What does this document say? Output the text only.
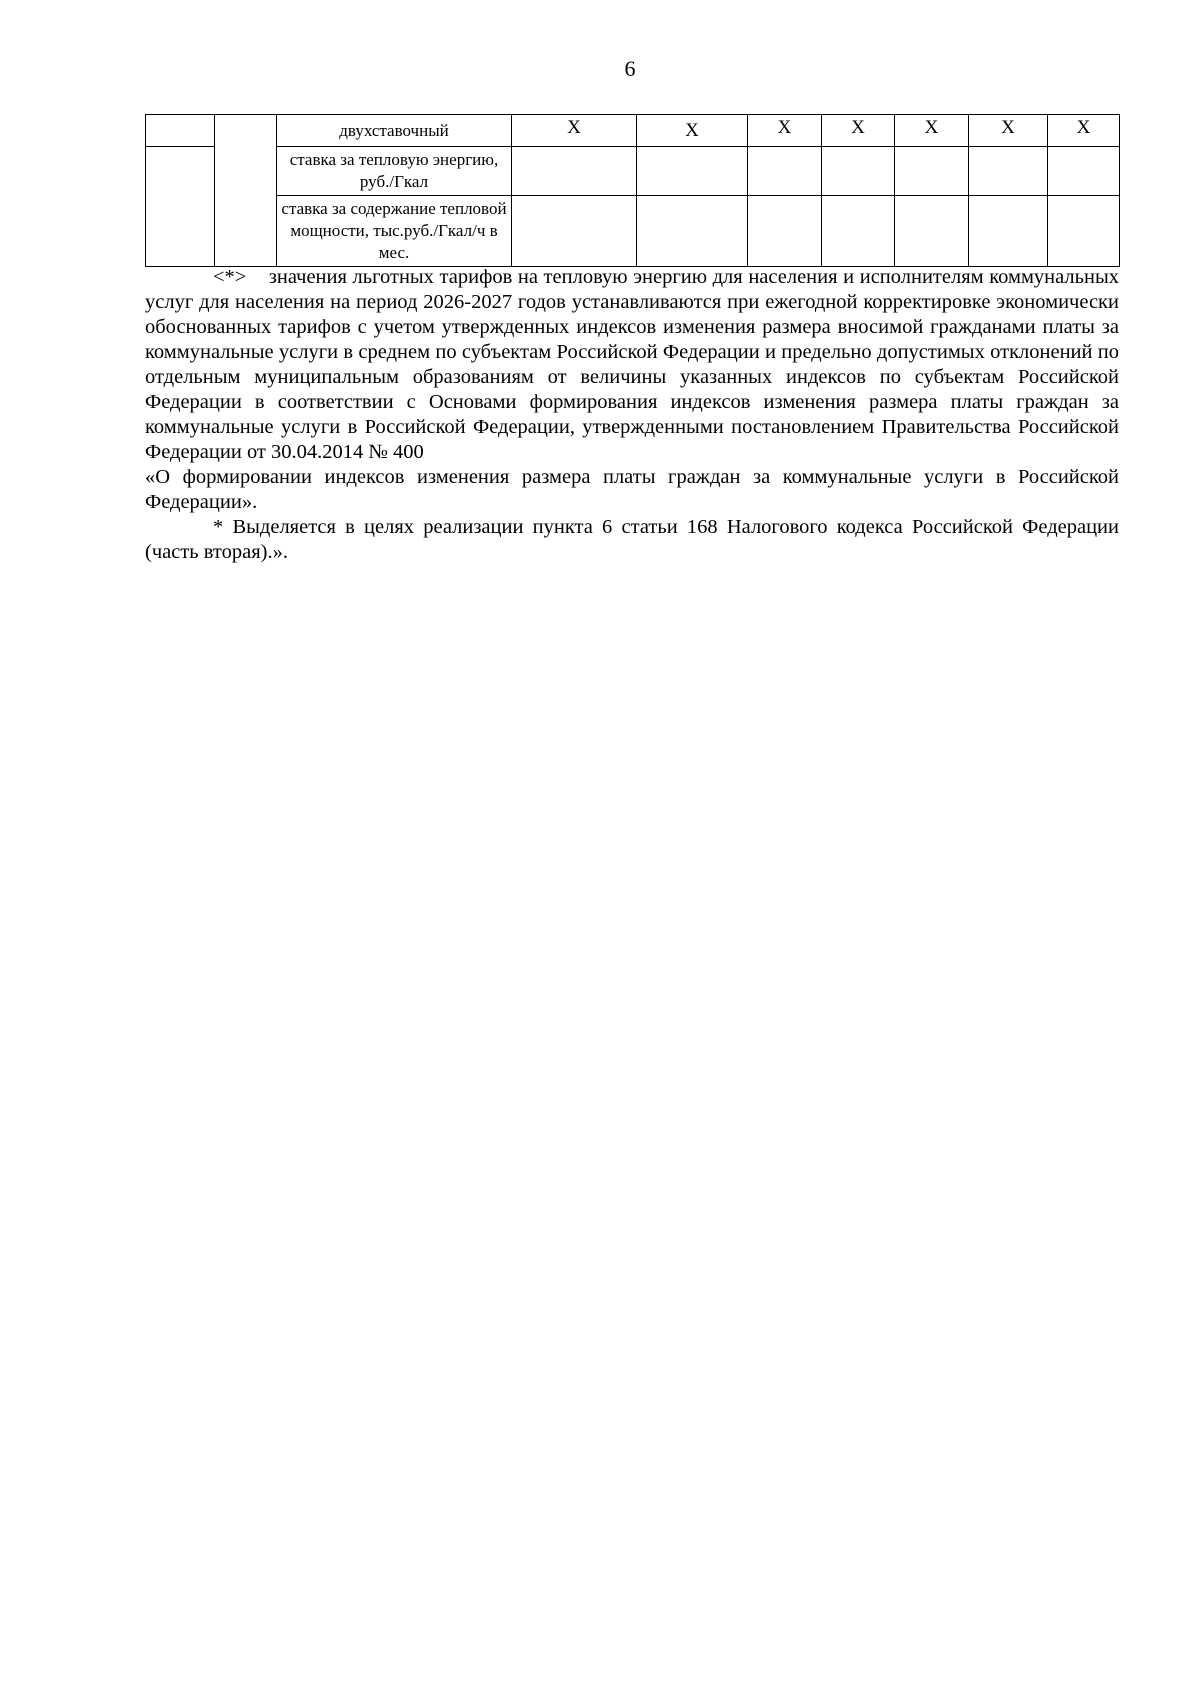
6
		двухставочный	X	X	X	X	X	X	X
		ставка за тепловую энергию, руб./Гкал							
		ставка за содержание тепловой мощности, тыс.руб./Гкал/ч в мес.							

<*> значения льготных тарифов на тепловую энергию для населения и исполнителям коммунальных услуг для населения на период 2026-2027 годов устанавливаются при ежегодной корректировке экономически обоснованных тарифов с учетом утвержденных индексов изменения размера вносимой гражданами платы за коммунальные услуги в среднем по субъектам Российской Федерации и предельно допустимых отклонений по отдельным муниципальным образованиям от величины указанных индексов по субъектам Российской Федерации в соответствии с Основами формирования индексов изменения размера платы граждан за коммунальные услуги в Российской Федерации, утвержденными постановлением Правительства Российской Федерации от 30.04.2014 № 400

«О формировании индексов изменения размера платы граждан за коммунальные услуги в Российской Федерации».

* Выделяется в целях реализации пункта 6 статьи 168 Налогового кодекса Российской Федерации (часть вторая).».
